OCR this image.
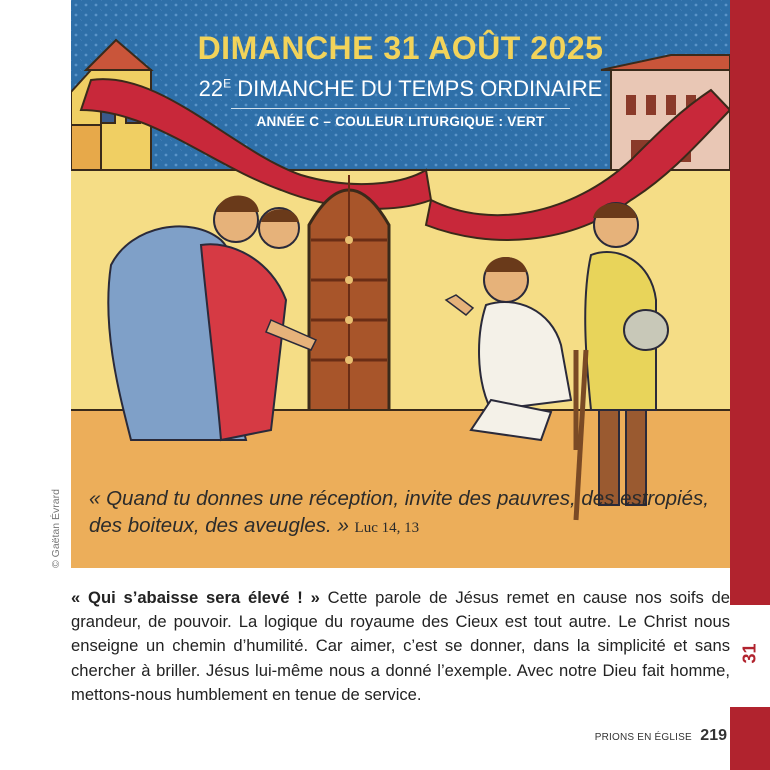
DIMANCHE 31 AOÛT 2025
$22^E$ DIMANCHE DU TEMPS ORDINAIRE
ANNÉE C – COULEUR LITURGIQUE : VERT
« Quand tu donnes une réception, invite des pauvres, des estropiés, des boiteux, des aveugles. » Luc 14, 13
© Gaëtan Évrard
« Qui s’abaisse sera élevé ! » Cette parole de Jésus remet en cause nos soifs de grandeur, de pouvoir. La logique du royaume des Cieux est tout autre. Le Christ nous enseigne un chemin d’humilité. Car aimer, c’est se donner, dans la simplicité et sans chercher à briller. Jésus lui-même nous a donné l’exemple. Avec notre Dieu fait homme, mettons-nous humblement en tenue de service.
PRIONS EN ÉGLISE 219
31
